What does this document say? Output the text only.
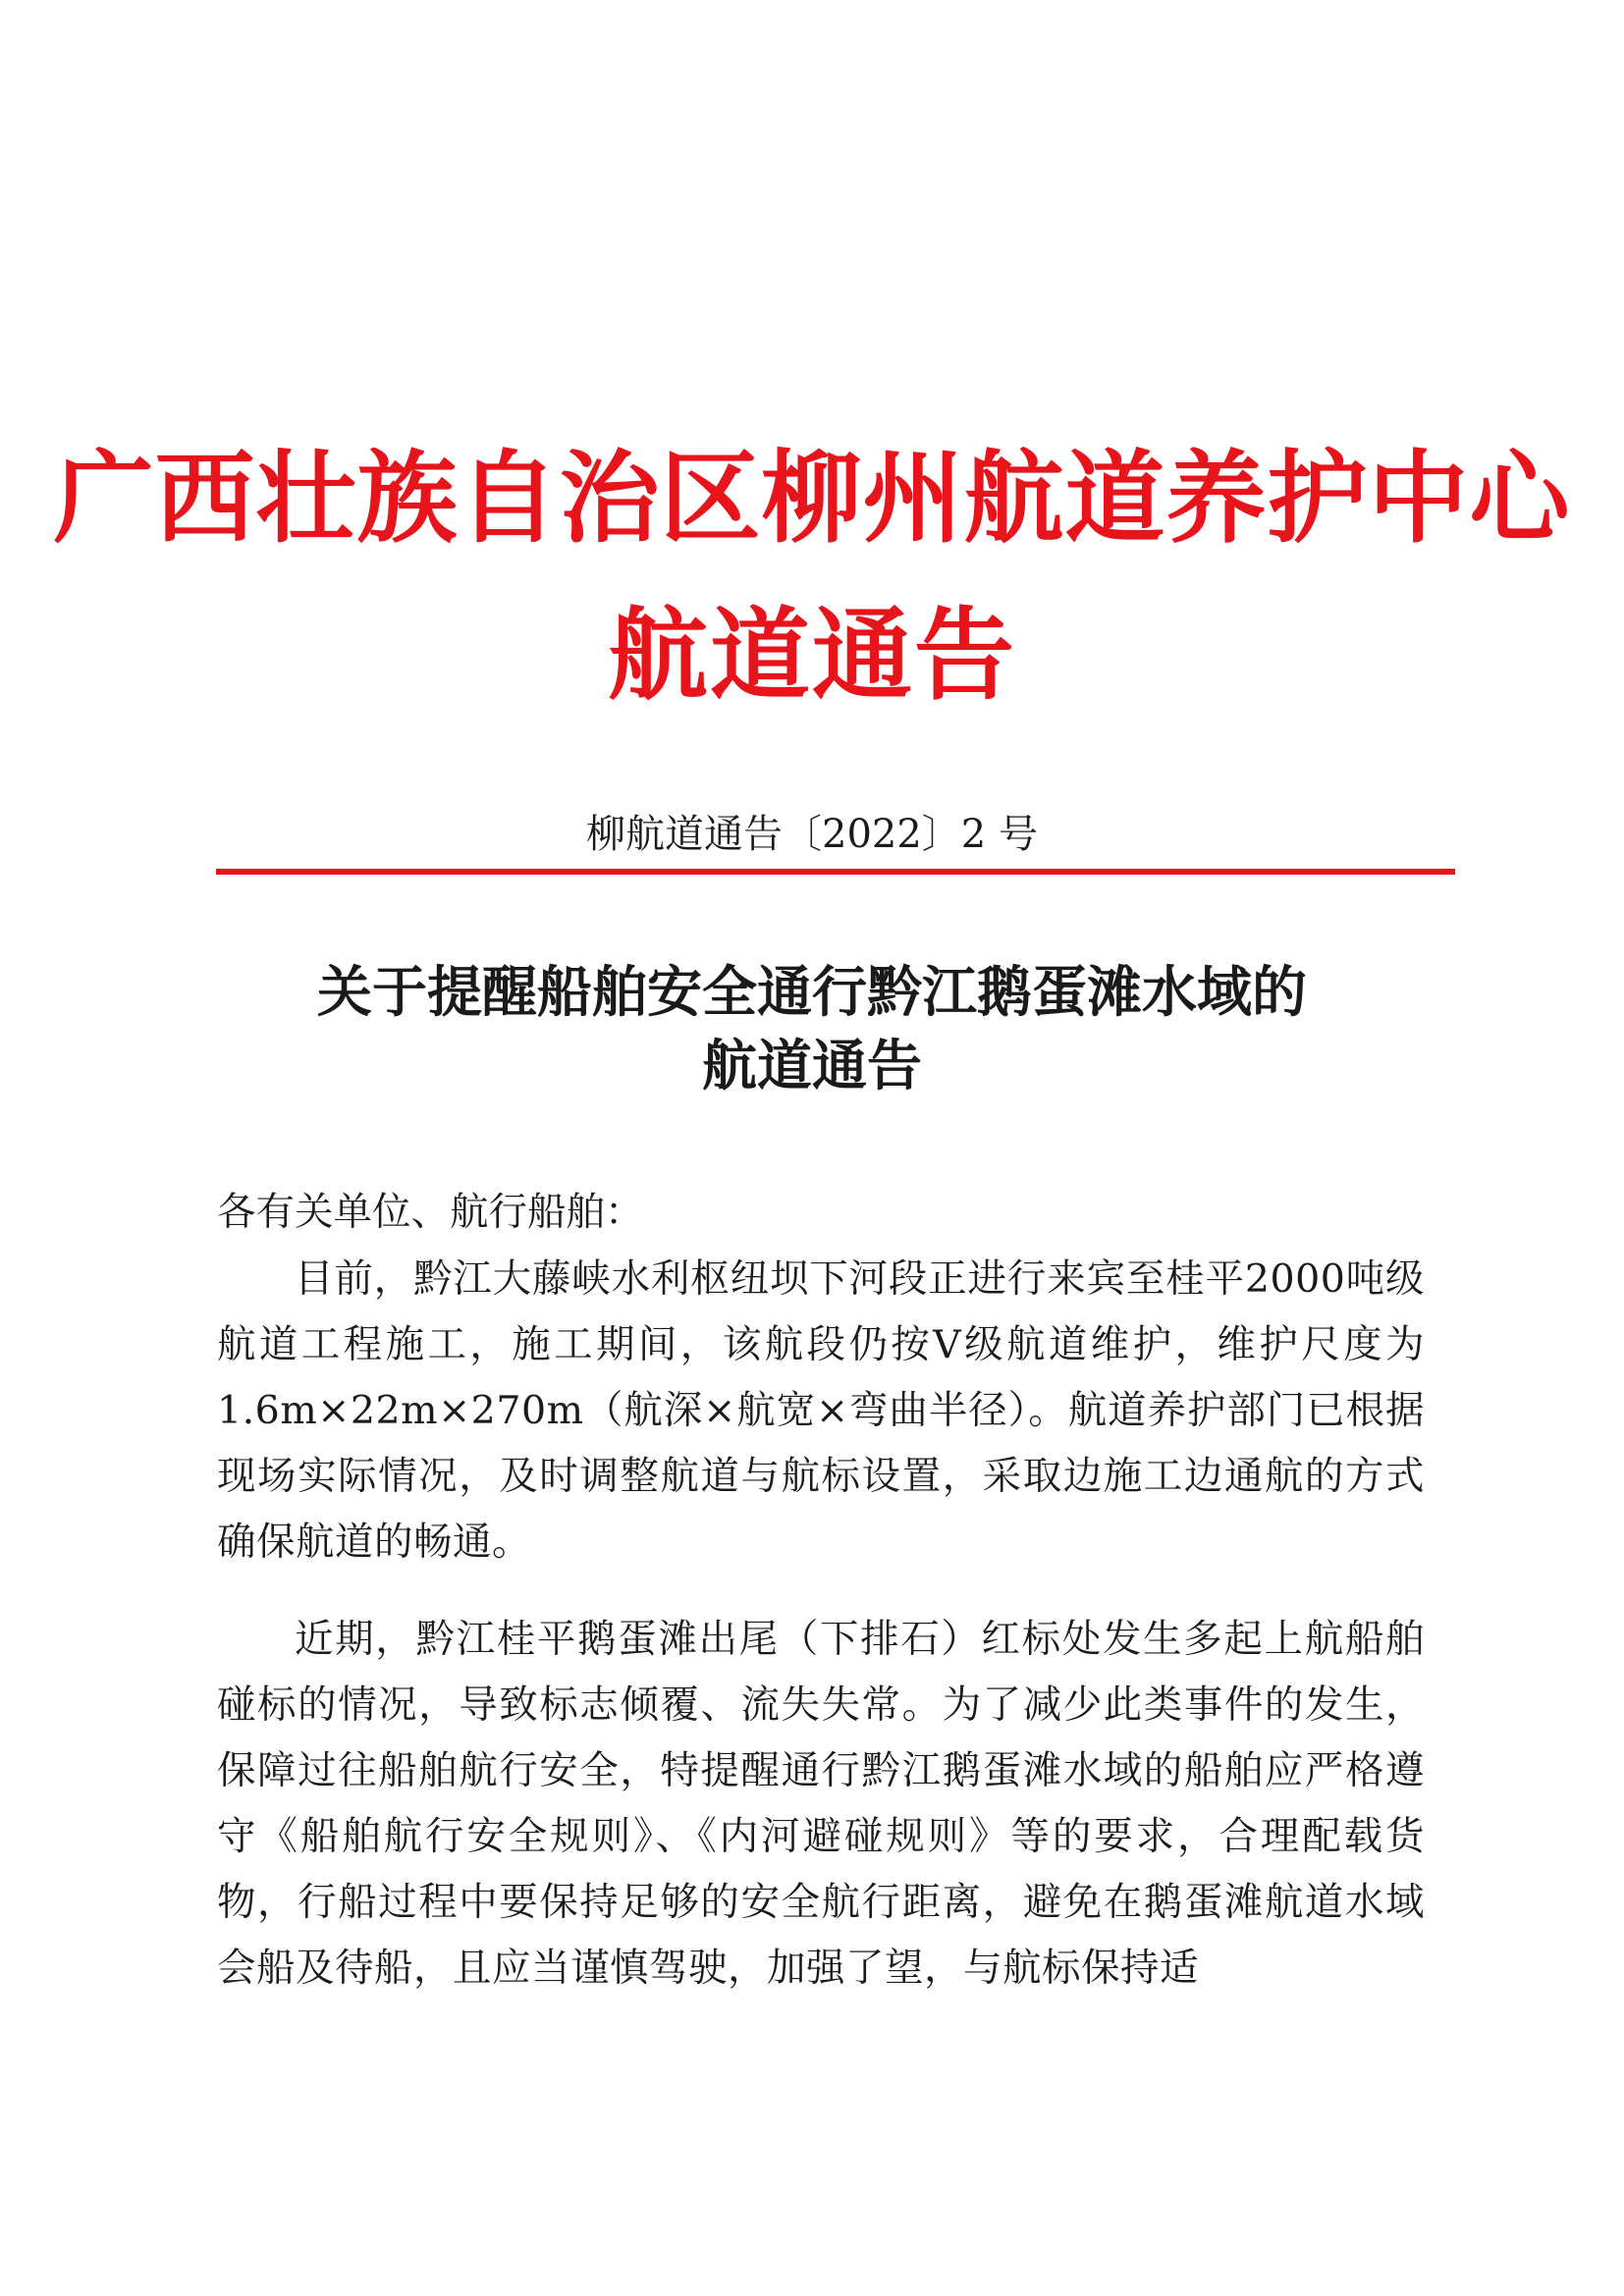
广西壮族自治区柳州航道养护中心
航道通告
柳航道通告〔2022〕2 号
关于提醒船舶安全通行黔江鹅蛋滩水域的
航道通告
各有关单位、航行船舶：

目前，黔江大藤峡水利枢纽坝下河段正进行来宾至桂平2000吨级航道工程施工，施工期间，该航段仍按Ⅴ级航道维护，维护尺度为 1.6m×22m×270m（航深×航宽×弯曲半径）。航道养护部门已根据现场实际情况，及时调整航道与航标设置，采取边施工边通航的方式确保航道的畅通。

近期，黔江桂平鹅蛋滩出尾（下排石）红标处发生多起上航船舶碰标的情况，导致标志倾覆、流失失常。为了减少此类事件的发生，保障过往船舶航行安全，特提醒通行黔江鹅蛋滩水域的船舶应严格遵守《船舶航行安全规则》、《内河避碰规则》等的要求，合理配载货物，行船过程中要保持足够的安全航行距离，避免在鹅蛋滩航道水域会船及待船，且应当谨慎驾驶，加强了望，与航标保持适
